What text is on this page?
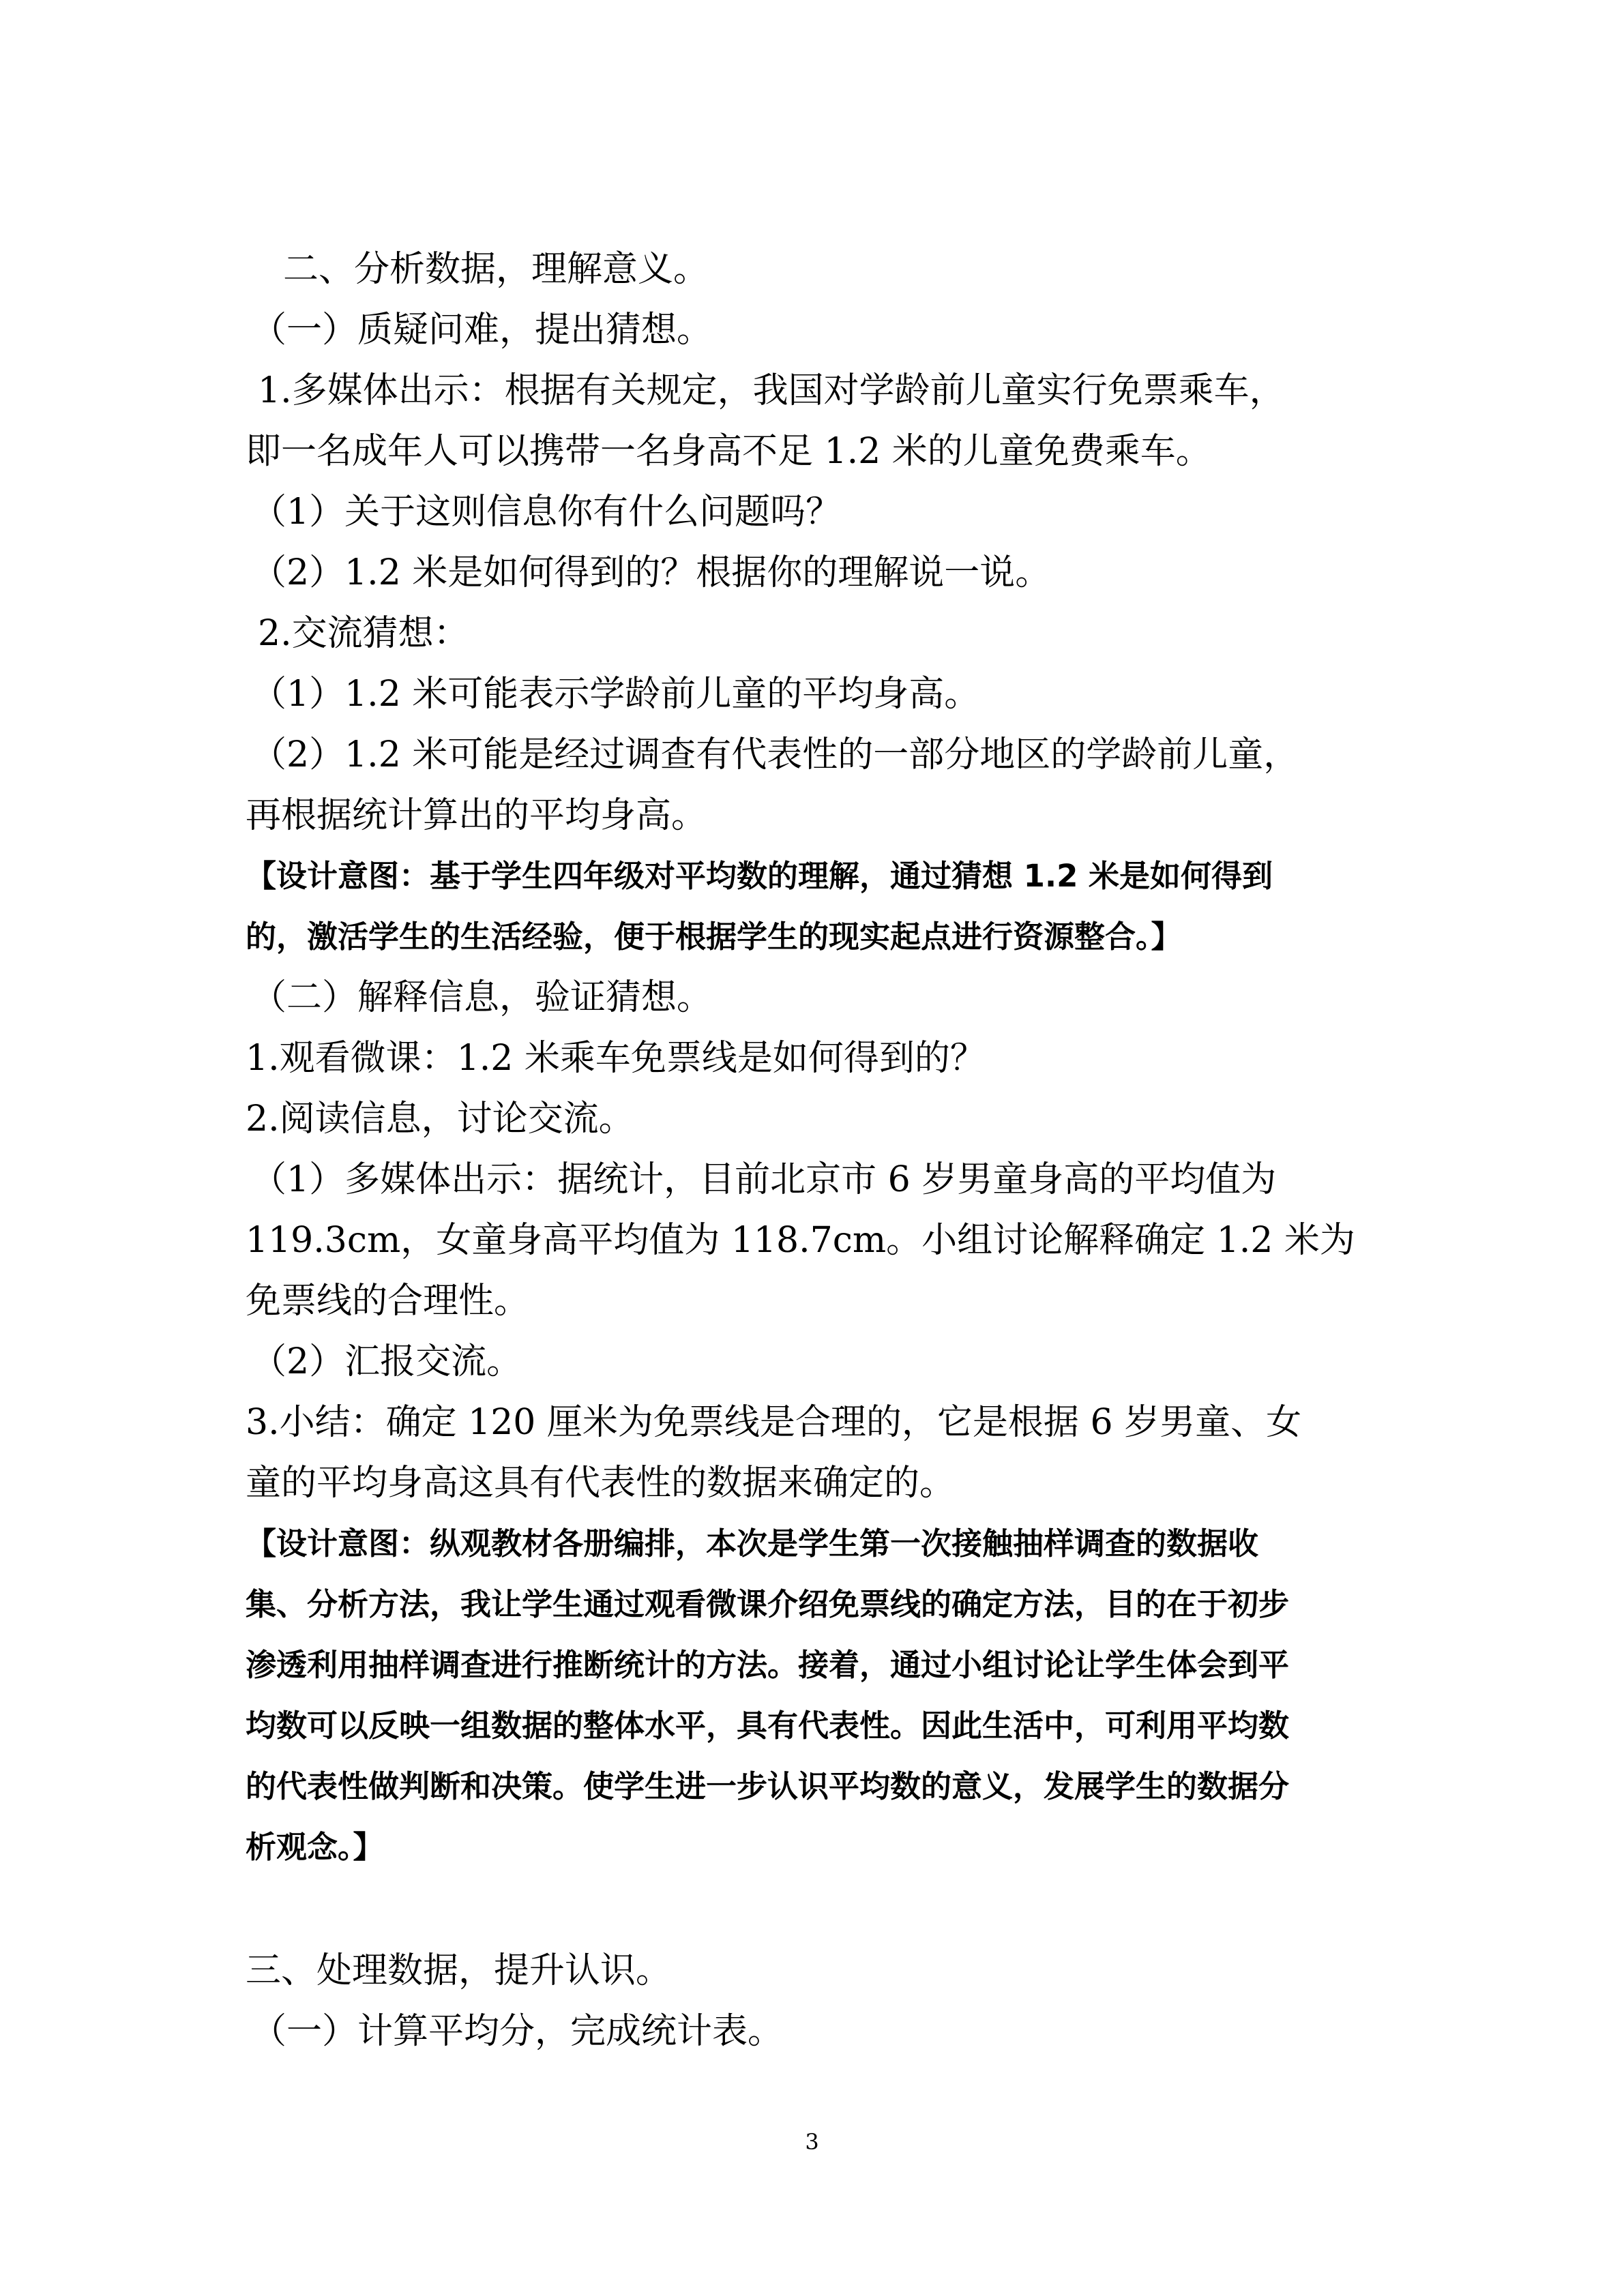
二、分析数据，理解意义。
（一）质疑问难，提出猜想。
1.多媒体出示：根据有关规定，我国对学龄前儿童实行免票乘车，
即一名成年人可以携带一名身高不足 1.2 米的儿童免费乘车。
（1）关于这则信息你有什么问题吗？
（2）1.2 米是如何得到的？根据你的理解说一说。
2.交流猜想：
（1）1.2 米可能表示学龄前儿童的平均身高。
（2）1.2 米可能是经过调查有代表性的一部分地区的学龄前儿童，
再根据统计算出的平均身高。
【设计意图：基于学生四年级对平均数的理解，通过猜想 1.2 米是如何得到
的，激活学生的生活经验，便于根据学生的现实起点进行资源整合。】
（二）解释信息，验证猜想。
1.观看微课：1.2 米乘车免票线是如何得到的？
2.阅读信息，讨论交流。
（1）多媒体出示：据统计，目前北京市 6 岁男童身高的平均值为
119.3cm，女童身高平均值为 118.7cm。小组讨论解释确定 1.2 米为
免票线的合理性。
（2）汇报交流。
3.小结：确定 120 厘米为免票线是合理的，它是根据 6 岁男童、女
童的平均身高这具有代表性的数据来确定的。
【设计意图：纵观教材各册编排，本次是学生第一次接触抽样调查的数据收
集、分析方法，我让学生通过观看微课介绍免票线的确定方法，目的在于初步
渗透利用抽样调查进行推断统计的方法。接着，通过小组讨论让学生体会到平
均数可以反映一组数据的整体水平，具有代表性。因此生活中，可利用平均数
的代表性做判断和决策。使学生进一步认识平均数的意义，发展学生的数据分
析观念。】
三、处理数据，提升认识。
（一）计算平均分，完成统计表。
3
